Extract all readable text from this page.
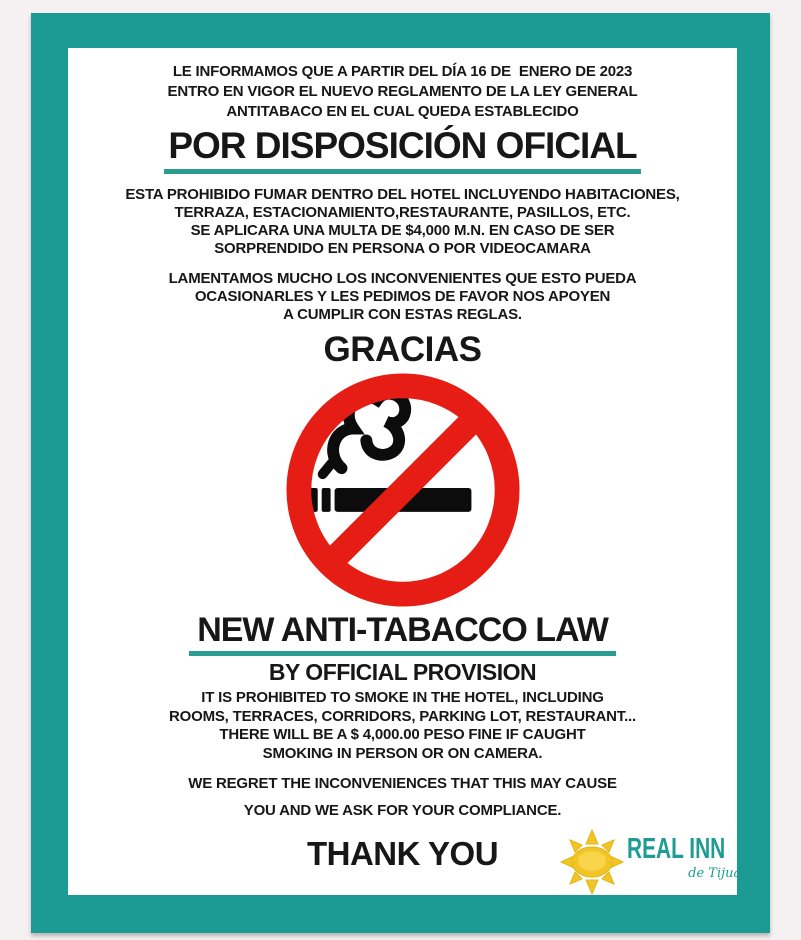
LE INFORMAMOS QUE A PARTIR DEL DÍA 16 DE  ENERO DE 2023
ENTRO EN VIGOR EL NUEVO REGLAMENTO DE LA LEY GENERAL
ANTITABACO EN EL CUAL QUEDA ESTABLECIDO
POR DISPOSICIÓN OFICIAL
ESTA PROHIBIDO FUMAR DENTRO DEL HOTEL INCLUYENDO HABITACIONES,
TERRAZA, ESTACIONAMIENTO,RESTAURANTE, PASILLOS, ETC.
SE APLICARA UNA MULTA DE $4,000 M.N. EN CASO DE SER
SORPRENDIDO EN PERSONA O POR VIDEOCAMARA
LAMENTAMOS MUCHO LOS INCONVENIENTES QUE ESTO PUEDA
OCASIONARLES Y LES PEDIMOS DE FAVOR NOS APOYEN
A CUMPLIR CON ESTAS REGLAS.
GRACIAS
NEW ANTI-TABACCO LAW
BY OFFICIAL PROVISION
IT IS PROHIBITED TO SMOKE IN THE HOTEL, INCLUDING
ROOMS, TERRACES, CORRIDORS, PARKING LOT, RESTAURANT...
THERE WILL BE A $ 4,000.00 PESO FINE IF CAUGHT
SMOKING IN PERSON OR ON CAMERA.
WE REGRET THE INCONVENIENCES THAT THIS MAY CAUSE
YOU AND WE ASK FOR YOUR COMPLIANCE.
THANK YOU	REAL INN
de Tijuana
